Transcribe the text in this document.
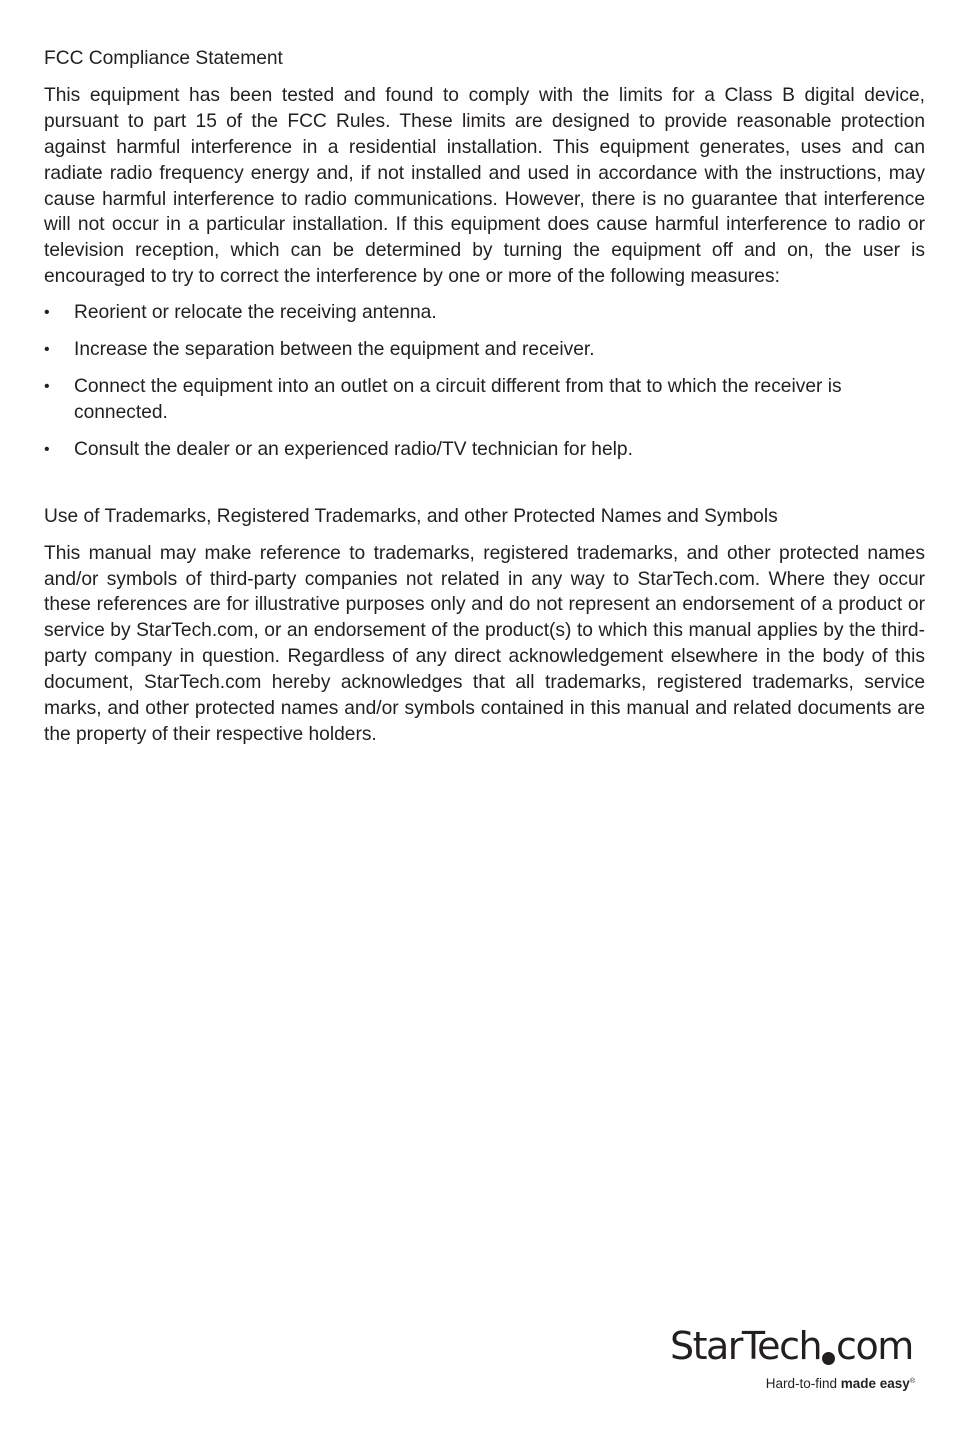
FCC Compliance Statement

This equipment has been tested and found to comply with the limits for a Class B digital device, pursuant to part 15 of the FCC Rules. These limits are designed to provide reasonable protection against harmful interference in a residential installation. This equipment generates, uses and can radiate radio frequency energy and, if not installed and used in accordance with the instructions, may cause harmful interference to radio communications. However, there is no guarantee that interference will not occur in a particular installation. If this equipment does cause harmful interference to radio or television reception, which can be determined by turning the equipment off and on, the user is encouraged to try to correct the interference by one or more of the following measures:

• Reorient or relocate the receiving antenna.
• Increase the separation between the equipment and receiver.
• Connect the equipment into an outlet on a circuit different from that to which the receiver is connected.
• Consult the dealer or an experienced radio/TV technician for help.
Use of Trademarks, Registered Trademarks, and other Protected Names and Symbols

This manual may make reference to trademarks, registered trademarks, and other protected names and/or symbols of third-party companies not related in any way to StarTech.com. Where they occur these references are for illustrative purposes only and do not represent an endorsement of a product or service by StarTech.com, or an endorsement of the product(s) to which this manual applies by the third-party company in question. Regardless of any direct acknowledgement elsewhere in the body of this document, StarTech.com hereby acknowledges that all trademarks, registered trademarks, service marks, and other protected names and/or symbols contained in this manual and related documents are the property of their respective holders.

StarTech com
Hard-to-find made easy®
